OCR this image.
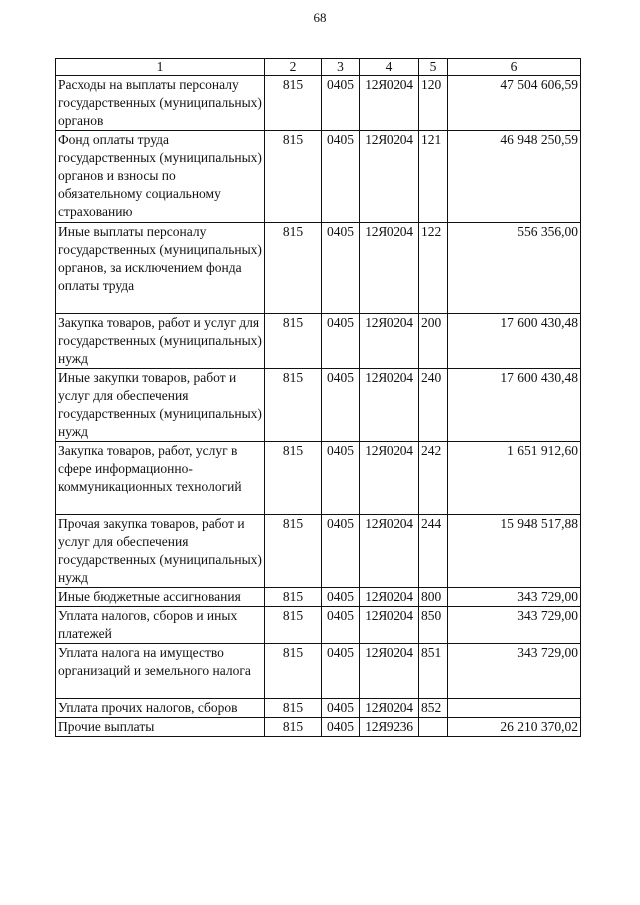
68
1	2	3	4	5	6
Расходы на выплаты персоналу государственных (муниципальных) органов	815	0405	12Я0204	120	47 504 606,59
Фонд оплаты труда государственных (муниципальных) органов и взносы по обязательному социальному страхованию	815	0405	12Я0204	121	46 948 250,59
Иные выплаты персоналу государственных (муниципальных) органов, за исключением фонда оплаты труда	815	0405	12Я0204	122	556 356,00
Закупка товаров, работ и услуг для государственных (муниципальных) нужд	815	0405	12Я0204	200	17 600 430,48
Иные закупки товаров, работ и услуг для обеспечения государственных (муниципальных) нужд	815	0405	12Я0204	240	17 600 430,48
Закупка товаров, работ, услуг в сфере информационно-коммуникационных технологий	815	0405	12Я0204	242	1 651 912,60
Прочая закупка товаров, работ и услуг для обеспечения государственных (муниципальных) нужд	815	0405	12Я0204	244	15 948 517,88
Иные бюджетные ассигнования	815	0405	12Я0204	800	343 729,00
Уплата налогов, сборов и иных платежей	815	0405	12Я0204	850	343 729,00
Уплата налога на имущество организаций и земельного налога	815	0405	12Я0204	851	343 729,00
Уплата прочих налогов, сборов	815	0405	12Я0204	852	
Прочие выплаты	815	0405	12Я9236		26 210 370,02
